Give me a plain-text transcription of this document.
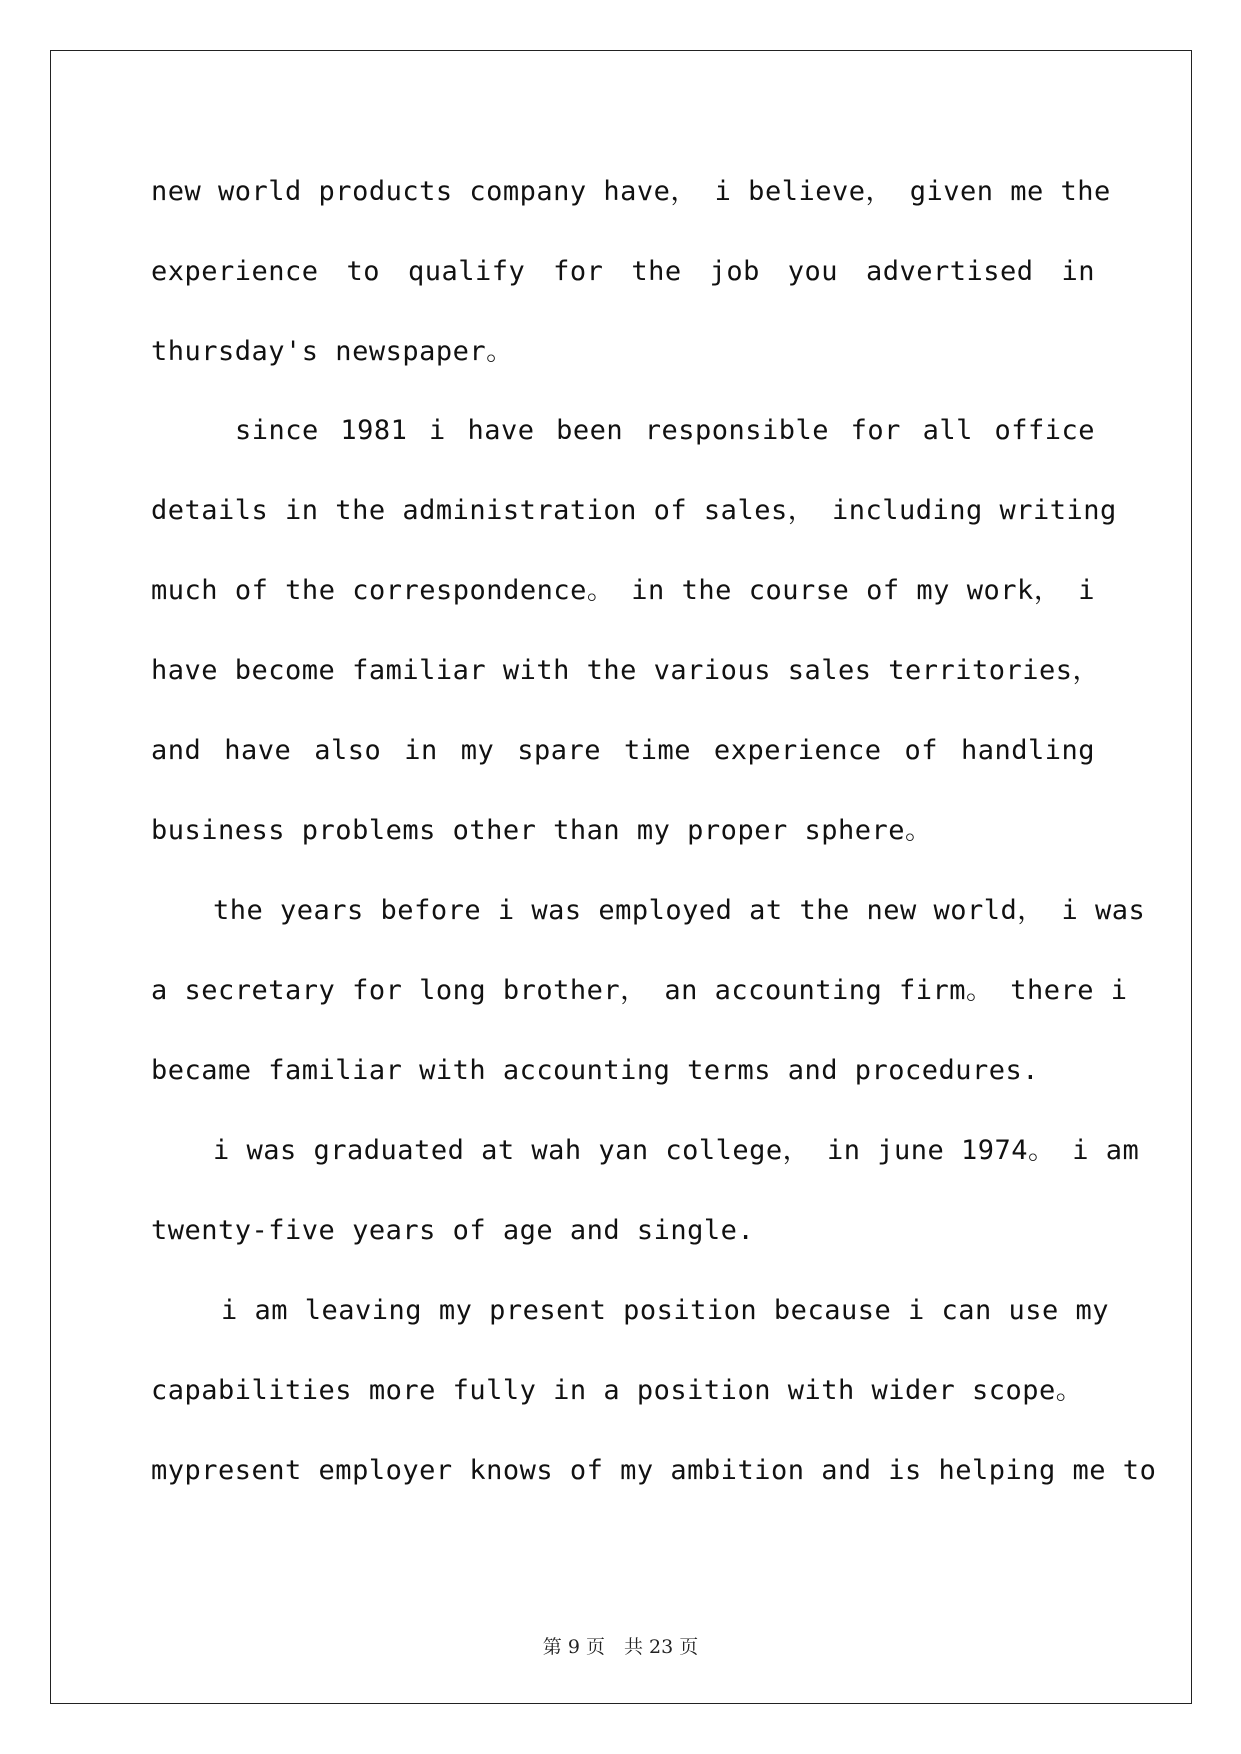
new world products company have， i believe， given me the
experience to qualify for the job you advertised in
thursday's newspaper。
since 1981 i have been responsible for all office
details in the administration of sales， including writing
much of the correspondence。 in the course of my work， i
have become familiar with the various sales territories，
and have also in my spare time experience of handling
business problems other than my proper sphere。
the years before i was employed at the new world， i was
a secretary for long brother， an accounting firm。 there i
became familiar with accounting terms and procedures.
i was graduated at wah yan college， in june 1974。 i am
twenty-five years of age and single.
i am leaving my present position because i can use my
capabilities more fully in a position with wider scope。
mypresent employer knows of my ambition and is helping me to
第 9 页　共 23 页
